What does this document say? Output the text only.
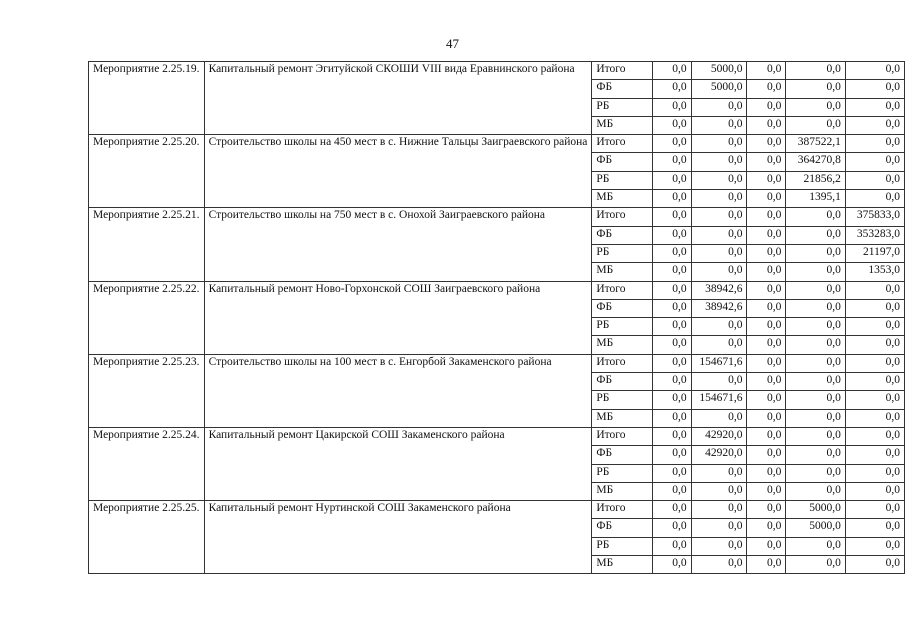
47
Мероприятие 2.25.19.	Капитальный ремонт Эгитуйской СКОШИ VIII вида Еравнинского района	Итого	0,0	5000,0	0,0	0,0	0,0
		ФБ	0,0	5000,0	0,0	0,0	0,0
		РБ	0,0	0,0	0,0	0,0	0,0
		МБ	0,0	0,0	0,0	0,0	0,0
Мероприятие 2.25.20.	Строительство школы на 450 мест в с. Нижние Тальцы Заиграевского района	Итого	0,0	0,0	0,0	387522,1	0,0
		ФБ	0,0	0,0	0,0	364270,8	0,0
		РБ	0,0	0,0	0,0	21856,2	0,0
		МБ	0,0	0,0	0,0	1395,1	0,0
Мероприятие 2.25.21.	Строительство школы на 750 мест в с. Онохой Заиграевского района	Итого	0,0	0,0	0,0	0,0	375833,0
		ФБ	0,0	0,0	0,0	0,0	353283,0
		РБ	0,0	0,0	0,0	0,0	21197,0
		МБ	0,0	0,0	0,0	0,0	1353,0
Мероприятие 2.25.22.	Капитальный ремонт Ново-Горхонской СОШ Заиграевского района	Итого	0,0	38942,6	0,0	0,0	0,0
		ФБ	0,0	38942,6	0,0	0,0	0,0
		РБ	0,0	0,0	0,0	0,0	0,0
		МБ	0,0	0,0	0,0	0,0	0,0
Мероприятие 2.25.23.	Строительство школы на 100 мест в с. Енгорбой Закаменского района	Итого	0,0	154671,6	0,0	0,0	0,0
		ФБ	0,0	0,0	0,0	0,0	0,0
		РБ	0,0	154671,6	0,0	0,0	0,0
		МБ	0,0	0,0	0,0	0,0	0,0
Мероприятие 2.25.24.	Капитальный ремонт Цакирской СОШ Закаменского района	Итого	0,0	42920,0	0,0	0,0	0,0
		ФБ	0,0	42920,0	0,0	0,0	0,0
		РБ	0,0	0,0	0,0	0,0	0,0
		МБ	0,0	0,0	0,0	0,0	0,0
Мероприятие 2.25.25.	Капитальный ремонт Нуртинской СОШ Закаменского района	Итого	0,0	0,0	0,0	5000,0	0,0
		ФБ	0,0	0,0	0,0	5000,0	0,0
		РБ	0,0	0,0	0,0	0,0	0,0
		МБ	0,0	0,0	0,0	0,0	0,0
